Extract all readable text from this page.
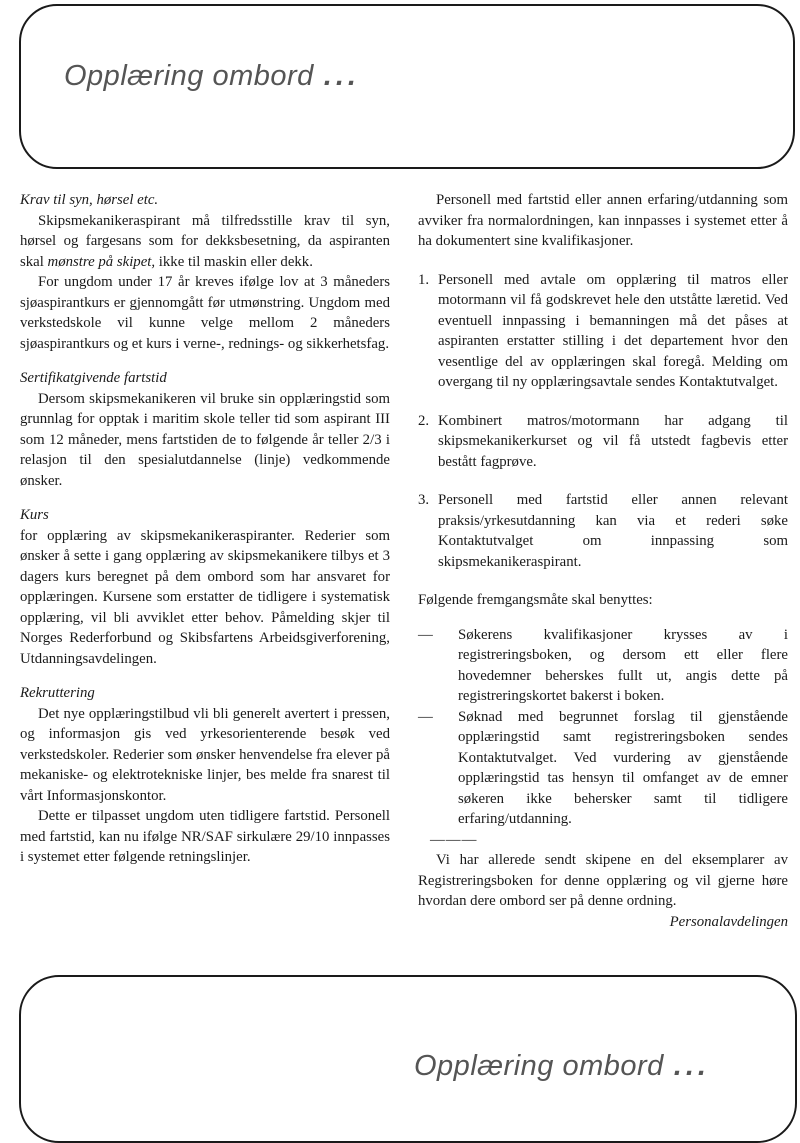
Opplæring ombord ...

Krav til syn, hørsel etc.

Skipsmekanikeraspirant må tilfredsstille krav til syn, hørsel og fargesans som for dekksbesetning, da aspiranten skal mønstre på skipet, ikke til maskin eller dekk.

For ungdom under 17 år kreves ifølge lov at 3 måneders sjøaspirantkurs er gjennomgått før utmønstring. Ungdom med verkstedskole vil kunne velge mellom 2 måneders sjøaspirantkurs og et kurs i verne-, rednings- og sikkerhetsfag.

Sertifikatgivende fartstid

Dersom skipsmekanikeren vil bruke sin opplæringstid som grunnlag for opptak i maritim skole teller tid som aspirant III som 12 måneder, mens fartstiden de to følgende år teller 2/3 i relasjon til den spesialutdannelse (linje) vedkommende ønsker.

Kurs

for opplæring av skipsmekanikeraspiranter. Rederier som ønsker å sette i gang opplæring av skipsmekanikere tilbys et 3 dagers kurs beregnet på dem ombord som har ansvaret for opplæringen. Kursene som erstatter de tidligere i systematisk opplæring, vil bli avviklet etter behov. Påmelding skjer til Norges Rederforbund og Skibsfartens Arbeidsgiverforening, Utdanningsavdelingen.

Rekruttering

Det nye opplæringstilbud vli bli generelt avertert i pressen, og informasjon gis ved yrkesorienterende besøk ved verkstedskoler. Rederier som ønsker henvendelse fra elever på mekaniske- og elektrotekniske linjer, bes melde fra snarest til vårt Informasjonskontor.

Dette er tilpasset ungdom uten tidligere fartstid. Personell med fartstid, kan nu ifølge NR/SAF sirkulære 29/10 innpasses i systemet etter følgende retningslinjer.

Personell med fartstid eller annen erfaring/utdanning som avviker fra normalordningen, kan innpasses i systemet etter å ha dokumentert sine kvalifikasjoner.

1. Personell med avtale om opplæring til matros eller motormann vil få godskrevet hele den utståtte læretid. Ved eventuell innpassing i bemanningen må det påses at aspiranten erstatter stilling i det departement hvor den vesentlige del av opplæringen skal foregå. Melding om overgang til ny opplæringsavtale sendes Kontaktutvalget.

2. Kombinert matros/motormann har adgang til skipsmekanikerkurset og vil få utstedt fagbevis etter bestått fagprøve.

3. Personell med fartstid eller annen relevant praksis/yrkesutdanning kan via et rederi søke Kontaktutvalget om innpassing som skipsmekanikeraspirant.

Følgende fremgangsmåte skal benyttes:

— Søkerens kvalifikasjoner krysses av i registreringsboken, og dersom ett eller flere hovedemner beherskes fullt ut, angis dette på registreringskortet bakerst i boken.

— Søknad med begrunnet forslag til gjenstående opplæringstid samt registreringsboken sendes Kontaktutvalget. Ved vurdering av gjenstående opplæringstid tas hensyn til omfanget av de emner søkeren ikke behersker samt til tidligere erfaring/utdanning.

———

Vi har allerede sendt skipene en del eksemplarer av Registreringsboken for denne opplæring og vil gjerne høre hvordan dere ombord ser på denne ordning.

Personalavdelingen

Opplæring ombord ...
